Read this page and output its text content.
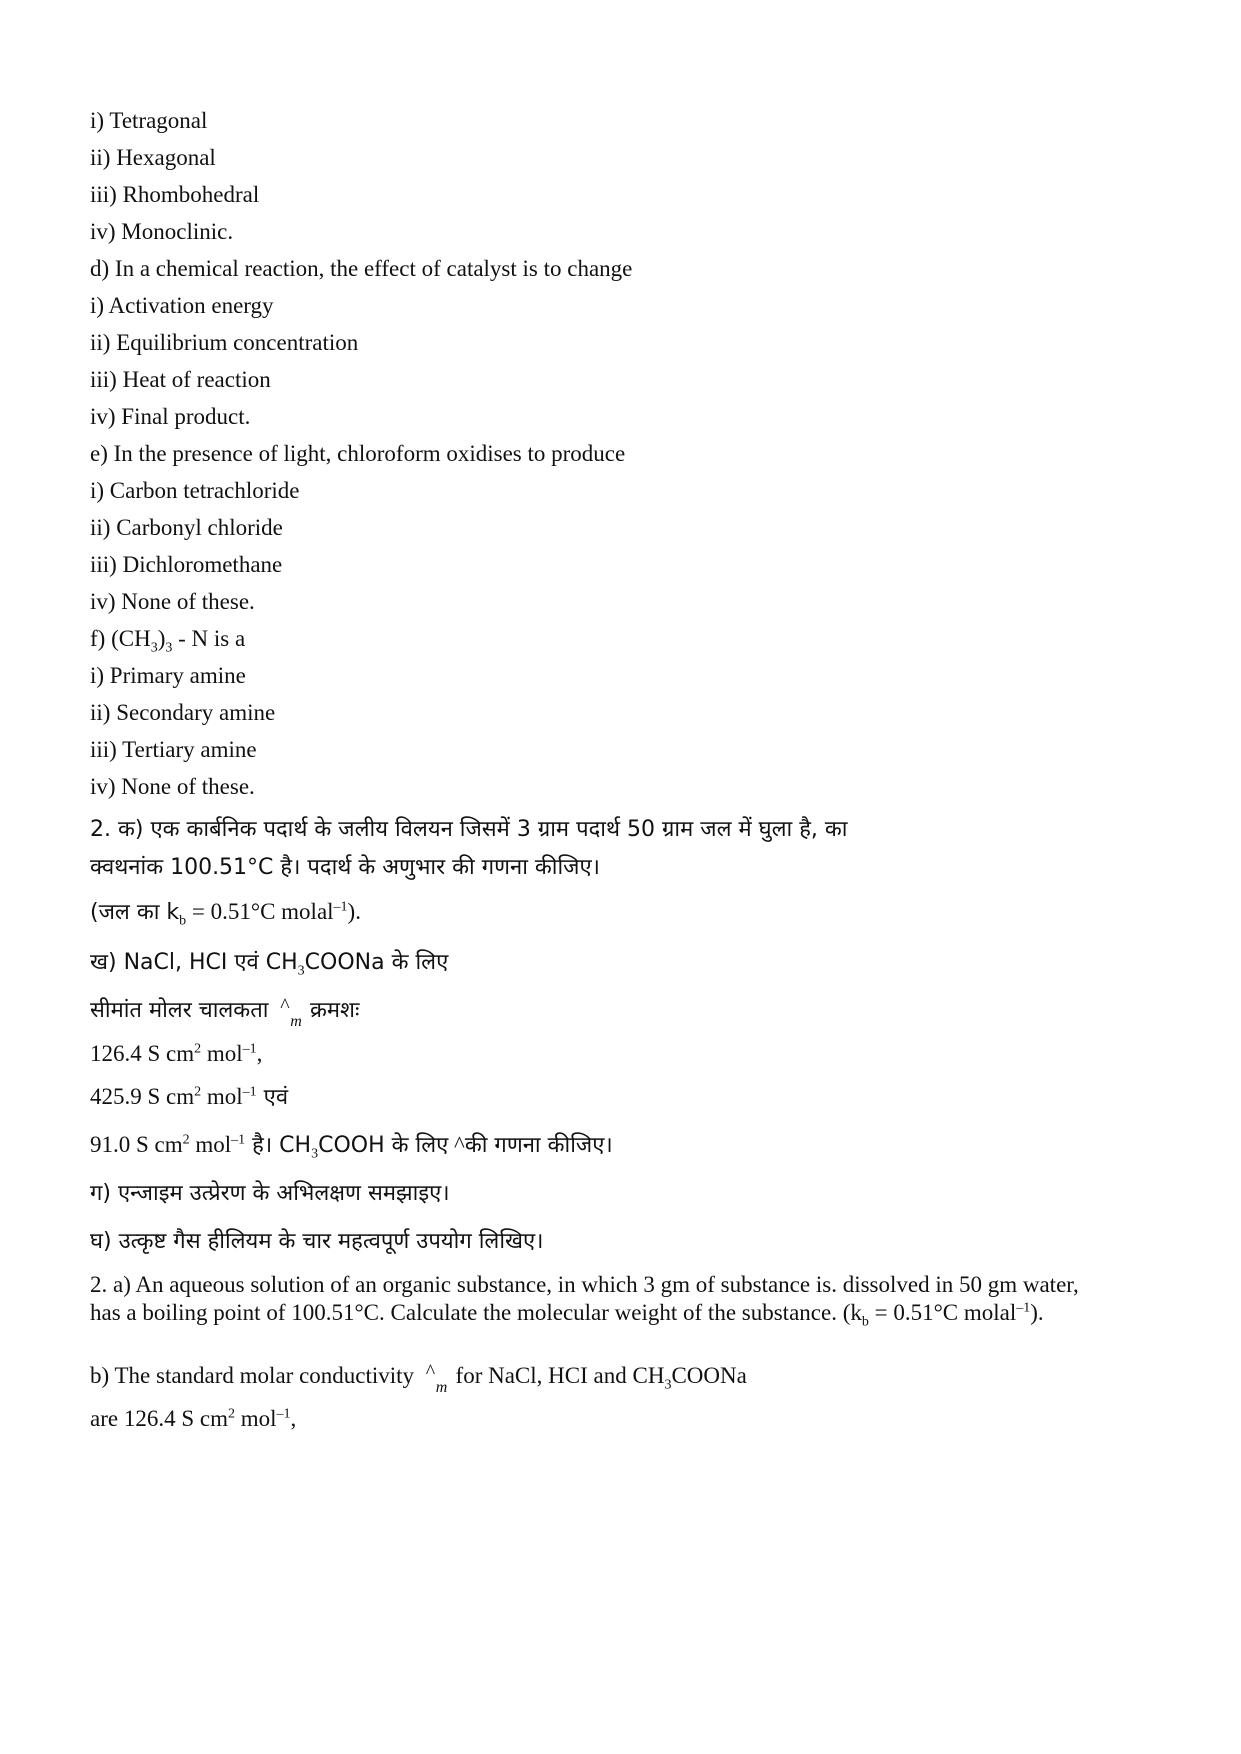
i) Tetragonal
ii) Hexagonal
iii) Rhombohedral
iv) Monoclinic.
d) In a chemical reaction, the effect of catalyst is to change
i) Activation energy
ii) Equilibrium concentration
iii) Heat of reaction
iv) Final product.
e) In the presence of light, chloroform oxidises to produce
i) Carbon tetrachloride
ii) Carbonyl chloride
iii) Dichloromethane
iv) None of these.
f) $(CH_3)_3$ - N is a
i) Primary amine
ii) Secondary amine
iii) Tertiary amine
iv) None of these.
2. क) एक कार्बनिक पदार्थ के जलीय विलयन जिसमें 3 ग्राम पदार्थ 50 ग्राम जल में घुला है, का
क्वथनांक 100.51°C है। पदार्थ के अणुभार की गणना कीजिए।
(जल का $k_b = 0.51^\circ C$ molal$^{-1}$).
ख) NaCl, HCI एवं $CH_3COONa$ के लिए
सीमांत मोलर चालकता ^
m क्रमशः
126.4 S $cm^2$ mol$^{-1}$,
425.9 S $cm^2$ mol$^{-1}$ एवं
91.0 S $cm^2$ mol$^{-1}$ है। $CH_3COOH$ के लिए ^की गणना कीजिए।
ग) एन्जाइम उत्प्रेरण के अभिलक्षण समझाइए।
घ) उत्कृष्ट गैस हीलियम के चार महत्वपूर्ण उपयोग लिखिए।
2. a) An aqueous solution of an organic substance, in which 3 gm of substance is. dissolved in 50 gm water, has a boiling point of 100.51°C. Calculate the molecular weight of the substance. ($k_b = 0.51^\circ C$ molal$^{-1}$).
b) The standard molar conductivity ^
m for NaCl, HCI and $CH_3COONa$
are 126.4 S $cm^2$ mol$^{-1}$,
